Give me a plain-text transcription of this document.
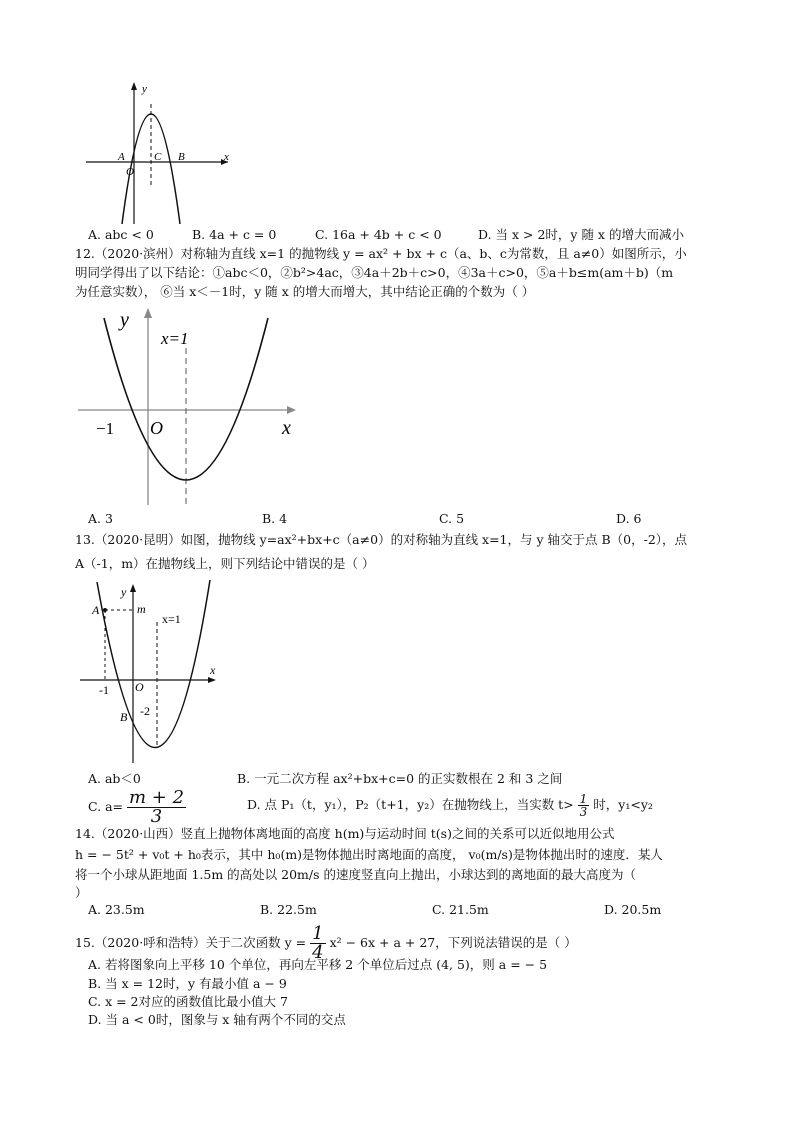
y
x
A
O
C B
A. abc < 0	B. 4a + c = 0	C. 16a + 4b + c < 0	D. 当 x > 2时，y 随 x 的增大而减小
12.（2020·滨州）对称轴为直线 x=1 的抛物线 y = ax² + bx + c（a、b、c为常数，且 a≠0）如图所示，小
明同学得出了以下结论：①abc＜0，②b²>4ac，③4a＋2b＋c>0，④3a＋c>0，⑤a＋b≤m(am＋b)（m
为任意实数）， ⑥当 x＜－1时，y 随 x 的增大而增大，其中结论正确的个数为（ ）
y
x=1
−1 O	x
A. 3	B. 4	C. 5	D. 6
13.（2020·昆明）如图，抛物线 y=ax²+bx+c（a≠0）的对称轴为直线 x=1，与 y 轴交于点 B（0，-2），点
A（-1，m）在抛物线上，则下列结论中错误的是（ ）
A
y
m
x=1
x
-1 O
B -2
A. ab＜0	B. 一元二次方程 ax²+bx+c=0 的正实数根在 2 和 3 之间
C. $a= \frac{m + 2}{3}$	D. 点 P₁（t，y₁），P₂（t+1，y₂）在抛物线上，当实数 $t> \frac{1}{3}$ 时，y₁<y₂
14.（2020·山西）竖直上抛物体离地面的高度 h(m)与运动时间 t(s)之间的关系可以近似地用公式
h = − 5t² + v₀t + h₀表示，其中 h₀(m)是物体抛出时离地面的高度， v₀(m/s)是物体抛出时的速度．某人
将一个小球从距地面 1.5m 的高处以 20m/s 的速度竖直向上抛出，小球达到的离地面的最大高度为（
）
A. 23.5m	B. 22.5m	C. 21.5m	D. 20.5m
15.（2020·呼和浩特）关于二次函数 $y = \frac{1}{4} x^2 - 6x + a + 27$，下列说法错误的是（ ）
A. 若将图象向上平移 10 个单位，再向左平移 2 个单位后过点 (4, 5)，则 a = − 5
B. 当 x = 12时，y 有最小值 a − 9
C. x = 2对应的函数值比最小值大 7
D. 当 a < 0时，图象与 x 轴有两个不同的交点
